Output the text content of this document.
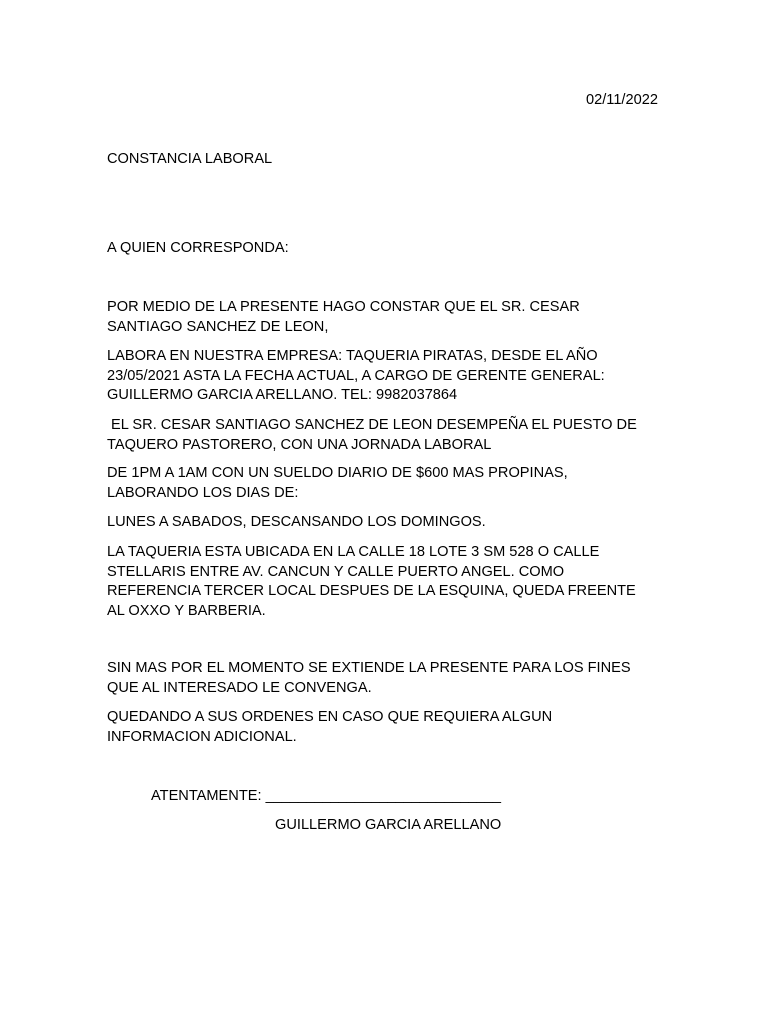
02/11/2022

CONSTANCIA LABORAL

A QUIEN CORRESPONDA:

POR MEDIO DE LA PRESENTE HAGO CONSTAR QUE EL SR. CESAR
SANTIAGO SANCHEZ DE LEON,

LABORA EN NUESTRA EMPRESA: TAQUERIA PIRATAS, DESDE EL AÑO
23/05/2021 ASTA LA FECHA ACTUAL, A CARGO DE GERENTE GENERAL:
GUILLERMO GARCIA ARELLANO. TEL: 9982037864

EL SR. CESAR SANTIAGO SANCHEZ DE LEON DESEMPEÑA EL PUESTO DE
TAQUERO PASTORERO, CON UNA JORNADA LABORAL

DE 1PM A 1AM CON UN SUELDO DIARIO DE $600 MAS PROPINAS,
LABORANDO LOS DIAS DE:

LUNES A SABADOS, DESCANSANDO LOS DOMINGOS.

LA TAQUERIA ESTA UBICADA EN LA CALLE 18 LOTE 3 SM 528 O CALLE
STELLARIS ENTRE AV. CANCUN Y CALLE PUERTO ANGEL. COMO
REFERENCIA TERCER LOCAL DESPUES DE LA ESQUINA, QUEDA FREENTE
AL OXXO Y BARBERIA.

SIN MAS POR EL MOMENTO SE EXTIENDE LA PRESENTE PARA LOS FINES
QUE AL INTERESADO LE CONVENGA.

QUEDANDO A SUS ORDENES EN CASO QUE REQUIERA ALGUN
INFORMACION ADICIONAL.

ATENTAMENTE: _____________________________

GUILLERMO GARCIA ARELLANO
